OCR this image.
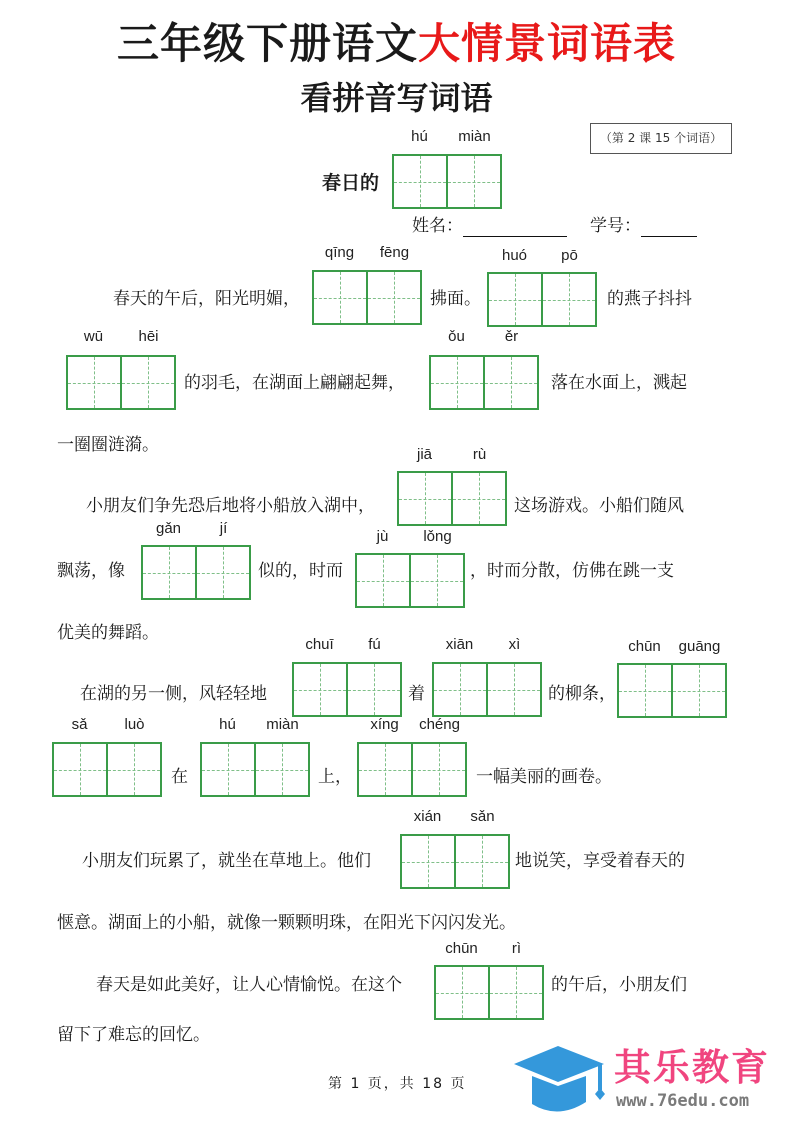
三年级下册语文大情景词语表
看拼音写词语
（第 2 课 15 个词语）
hú	miàn
春日的
姓名：	学号：
qīng	fēng	huó	pō
春天的午后，阳光明媚，	拂面。	的燕子抖抖
wū	hēi	ǒu	ěr
的羽毛，在湖面上翩翩起舞，	落在水面上，溅起
一圈圈涟漪。	jiā	rù
小朋友们争先恐后地将小船放入湖中，	这场游戏。小船们随风
gǎn	jí	jù	lǒng
飘荡，像	似的，时而	，时而分散，仿佛在跳一支
优美的舞蹈。
chuī	fú	xiān	xì	chūn	guāng
在湖的另一侧，风轻轻地	着	的柳条，
sǎ	luò	hú	miàn	xíng	chéng
在	上，	一幅美丽的画卷。
xián	sǎn
小朋友们玩累了，就坐在草地上。他们	地说笑，享受着春天的
惬意。湖面上的小船，就像一颗颗明珠，在阳光下闪闪发光。
chūn	rì
春天是如此美好，让人心情愉悦。在这个	的午后，小朋友们
留下了难忘的回忆。
第 1 页，共 18 页	其乐教育
www.76edu.com
